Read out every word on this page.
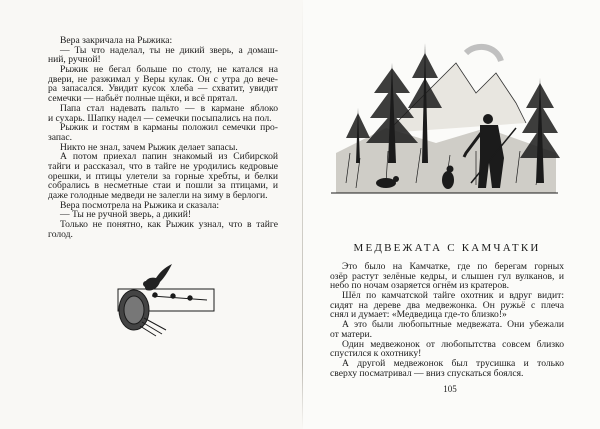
Вера закричала на Рыжика:
— Ты что наделал, ты не дикий зверь, а домаш-
ний, ручной!
Рыжик не бегал больше по столу, не катался на
двери, не разжимал у Веры кулак. Он с утра до вече-
ра запасался. Увидит кусок хлеба — схватит, увидит
семечки — набьёт полные щёки, и всё прятал.
Папа стал надевать пальто — в кармане яблоко
и сухарь. Шапку надел — семечки посыпались на пол.
Рыжик и гостям в карманы положил семечки про-
запас.
Никто не знал, зачем Рыжик делает запасы.
А потом приехал папин знакомый из Сибирской
тайги и рассказал, что в тайге не уродились кедровые
орешки, и птицы улетели за горные хребты, и белки
собрались в несметные стаи и пошли за птицами, и
даже голодные медведи не залегли на зиму в берлоги.
Вера посмотрела на Рыжика и сказала:
— Ты не ручной зверь, а дикий!
Только не понятно, как Рыжик узнал, что в тайге
голод.
МЕДВЕЖАТА С КАМЧАТКИ
Это было на Камчатке, где по берегам горных
озёр растут зелёные кедры, и слышен гул вулканов, и
небо по ночам озаряется огнём из кратеров.
Шёл по камчатской тайге охотник и вдруг видит:
сидят на дереве два медвежонка. Он ружьё с плеча
снял и думает: «Медведица где-то близко!»
А это были любопытные медвежата. Они убежали
от матери.
Один медвежонок от любопытства совсем близко
спустился к охотнику!
А другой медвежонок был трусишка и только
сверху посматривал — вниз спускаться боялся.
105
